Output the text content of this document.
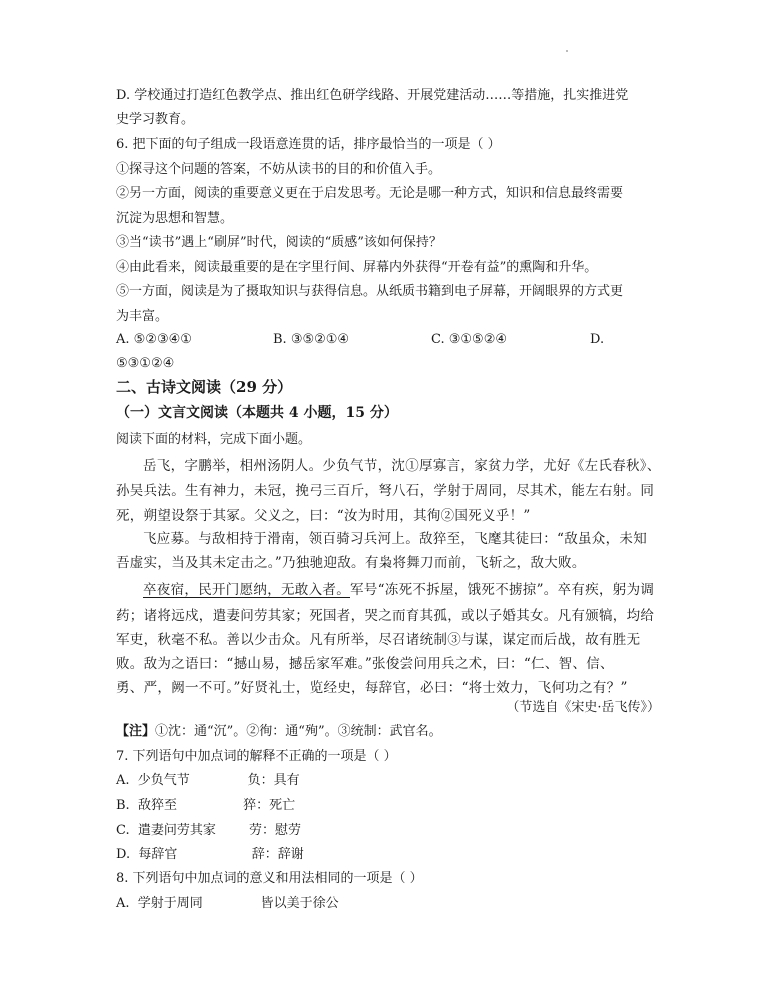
D. 学校通过打造红色教学点、推出红色研学线路、开展党建活动……等措施，扎实推进党
史学习教育。
6. 把下面的句子组成一段语意连贯的话，排序最恰当的一项是（ ）
①探寻这个问题的答案，不妨从读书的目的和价值入手。
②另一方面，阅读的重要意义更在于启发思考。无论是哪一种方式，知识和信息最终需要
沉淀为思想和智慧。
③当“读书”遇上“刷屏”时代，阅读的“质感”该如何保持？
④由此看来，阅读最重要的是在字里行间、屏幕内外获得“开卷有益”的熏陶和升华。
⑤一方面，阅读是为了摄取知识与获得信息。从纸质书籍到电子屏幕，开阔眼界的方式更
为丰富。
A. ⑤②③④①	B. ③⑤②①④	C. ③①⑤②④	D.
⑤③①②④
二、古诗文阅读（29 分）
（一）文言文阅读（本题共 4 小题，15 分）
阅读下面的材料，完成下面小题。
岳飞，字鹏举，相州汤阴人。少负气节，沈①厚寡言，家贫力学，尤好《左氏春秋》、
孙吴兵法。生有神力，未冠，挽弓三百斤，弩八石，学射于周同，尽其术，能左右射。同
死，朔望设祭于其冢。父义之，曰：“汝为时用，其徇②国死义乎！”
飞应募。与敌相持于滑南，领百骑习兵河上。敌猝至，飞麾其徒曰：“敌虽众，未知
吾虚实，当及其未定击之。”乃独驰迎敌。有枭将舞刀而前，飞斩之，敌大败。
卒夜宿，民开门愿纳，无敢入者。军号“冻死不拆屋，饿死不掳掠”。卒有疾，躬为调
药；诸将远戍，遣妻问劳其家；死国者，哭之而育其孤，或以子婚其女。凡有颁犒，均给
军吏，秋毫不私。善以少击众。凡有所举，尽召诸统制③与谋，谋定而后战，故有胜无
败。敌为之语曰：“撼山易，撼岳家军难。”张俊尝问用兵之术，曰：“仁、智、信、
勇、严，阙一不可。”好贤礼士，览经史，每辞官，必曰：“将士效力，飞何功之有？”
（节选自《宋史·岳飞传》）
【注】①沈：通“沉”。②徇：通“殉”。③统制：武官名。
7. 下列语句中加点词的解释不正确的一项是（ ）
A.  少负气节              负：具有
B.  敌猝至                猝：死亡
C.  遣妻问劳其家        劳：慰劳
D.  每辞官                  辞：辞谢
8. 下列语句中加点词的意义和用法相同的一项是（ ）
A.  学射于周同              皆以美于徐公
